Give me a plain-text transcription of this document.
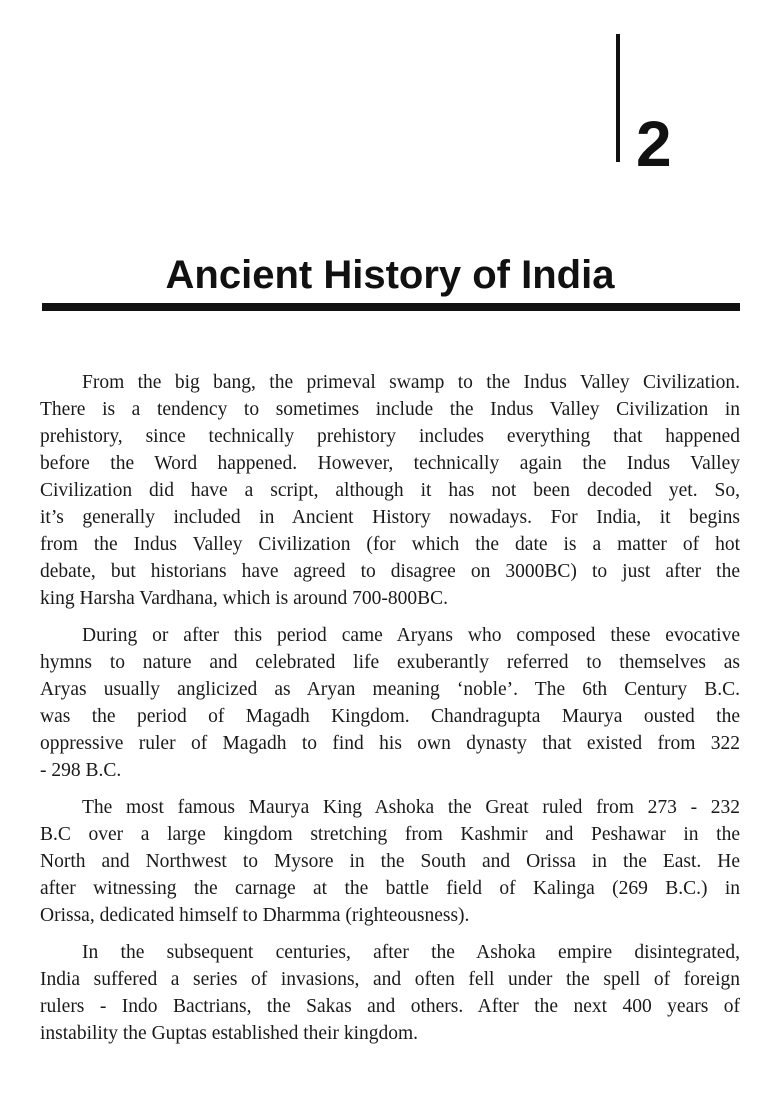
2
Ancient History of India
From the big bang, the primeval swamp to the Indus Valley Civilization.
There is a tendency to sometimes include the Indus Valley Civilization in
prehistory, since technically prehistory includes everything that happened
before the Word happened. However, technically again the Indus Valley
Civilization did have a script, although it has not been decoded yet. So,
it’s generally included in Ancient History nowadays. For India, it begins
from the Indus Valley Civilization (for which the date is a matter of hot
debate, but historians have agreed to disagree on 3000BC) to just after the
king Harsha Vardhana, which is around 700-800BC.
During or after this period came Aryans who composed these evocative
hymns to nature and celebrated life exuberantly referred to themselves as
Aryas usually anglicized as Aryan meaning ‘noble’. The 6th Century B.C.
was the period of Magadh Kingdom. Chandragupta Maurya ousted the
oppressive ruler of Magadh to find his own dynasty that existed from 322
- 298 B.C.
The most famous Maurya King Ashoka the Great ruled from 273 - 232
B.C over a large kingdom stretching from Kashmir and Peshawar in the
North and Northwest to Mysore in the South and Orissa in the East. He
after witnessing the carnage at the battle field of Kalinga (269 B.C.) in
Orissa, dedicated himself to Dharmma (righteousness).
In the subsequent centuries, after the Ashoka empire disintegrated,
India suffered a series of invasions, and often fell under the spell of foreign
rulers - Indo Bactrians, the Sakas and others. After the next 400 years of
instability the Guptas established their kingdom.
